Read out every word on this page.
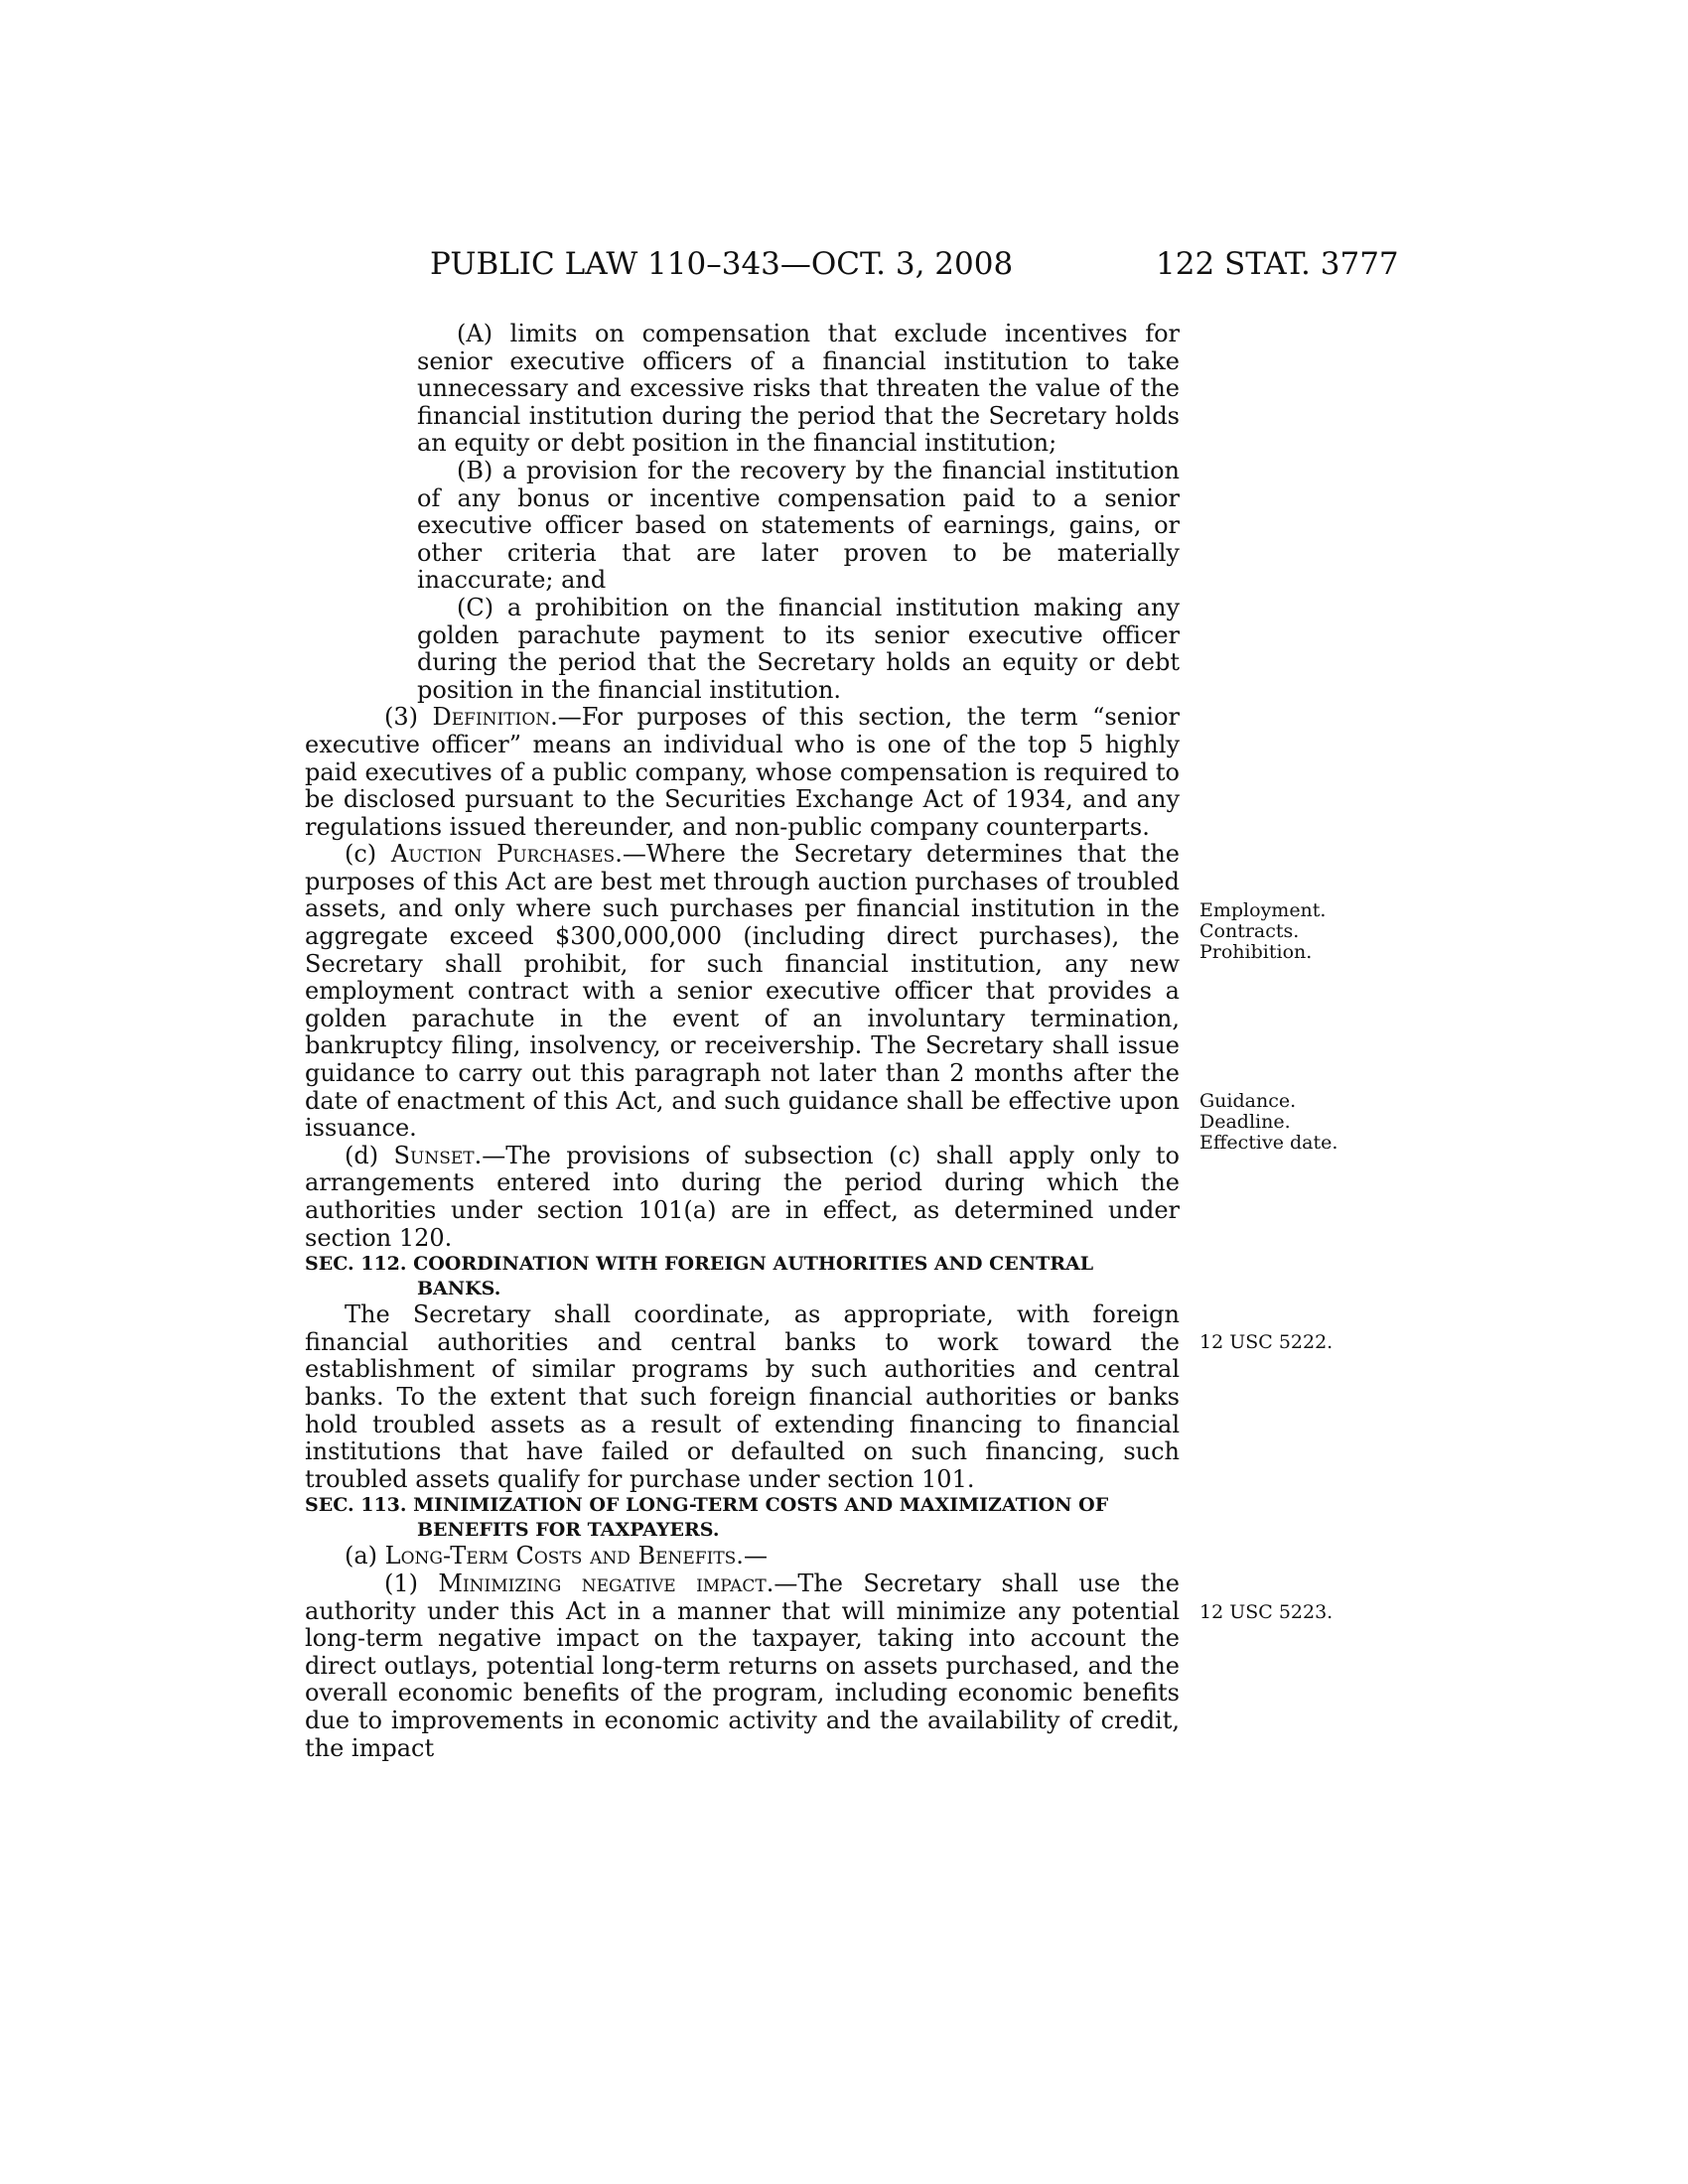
PUBLIC LAW 110–343—OCT. 3, 2008	122 STAT. 3777

(A) limits on compensation that exclude incentives for senior executive officers of a financial institution to take unnecessary and excessive risks that threaten the value of the financial institution during the period that the Secretary holds an equity or debt position in the financial institution;

(B) a provision for the recovery by the financial institution of any bonus or incentive compensation paid to a senior executive officer based on statements of earnings, gains, or other criteria that are later proven to be materially inaccurate; and

(C) a prohibition on the financial institution making any golden parachute payment to its senior executive officer during the period that the Secretary holds an equity or debt position in the financial institution.

(3) Definition.—For purposes of this section, the term “senior executive officer” means an individual who is one of the top 5 highly paid executives of a public company, whose compensation is required to be disclosed pursuant to the Securities Exchange Act of 1934, and any regulations issued thereunder, and non-public company counterparts.

(c) Auction Purchases.—Where the Secretary determines that the purposes of this Act are best met through auction purchases of troubled assets, and only where such purchases per financial institution in the aggregate exceed $300,000,000 (including direct purchases), the Secretary shall prohibit, for such financial institution, any new employment contract with a senior executive officer that provides a golden parachute in the event of an involuntary termination, bankruptcy filing, insolvency, or receivership. The Secretary shall issue guidance to carry out this paragraph not later than 2 months after the date of enactment of this Act, and such guidance shall be effective upon issuance.

(d) Sunset.—The provisions of subsection (c) shall apply only to arrangements entered into during the period during which the authorities under section 101(a) are in effect, as determined under section 120.

SEC. 112. COORDINATION WITH FOREIGN AUTHORITIES AND CENTRAL BANKS.

The Secretary shall coordinate, as appropriate, with foreign financial authorities and central banks to work toward the establishment of similar programs by such authorities and central banks. To the extent that such foreign financial authorities or banks hold troubled assets as a result of extending financing to financial institutions that have failed or defaulted on such financing, such troubled assets qualify for purchase under section 101.

SEC. 113. MINIMIZATION OF LONG-TERM COSTS AND MAXIMIZATION OF BENEFITS FOR TAXPAYERS.

(a) Long-Term Costs and Benefits.—

(1) Minimizing negative impact.—The Secretary shall use the authority under this Act in a manner that will minimize any potential long-term negative impact on the taxpayer, taking into account the direct outlays, potential long-term returns on assets purchased, and the overall economic benefits of the program, including economic benefits due to improvements in economic activity and the availability of credit, the impact

Employment.
Contracts.
Prohibition.
Guidance.
Deadline.
Effective date.
12 USC 5222.
12 USC 5223.
